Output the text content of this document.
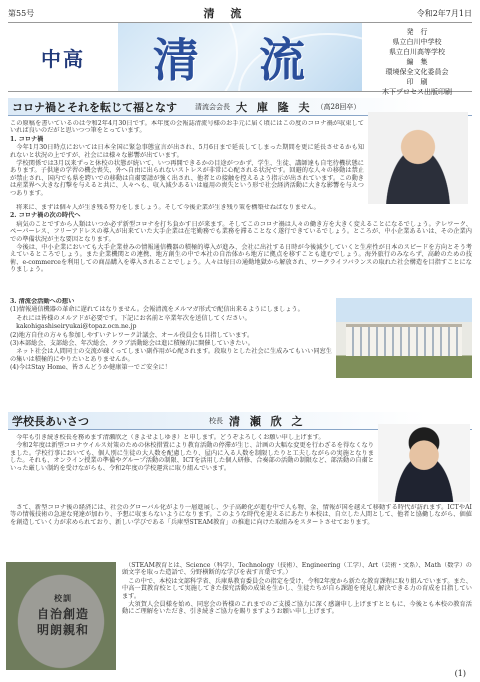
第55号	清 流	令和2年7月1日
中高 清 流
発　行
県立白川中学校
県立白川高等学校
編　集
環境保全文化委員会
印　刷
木下プロセス出版印刷
コロナ禍とそれを転じて福となす	清流会会長 大 庫 隆 夫 （高28回卒）

この原稿を書いているのは令和2年4月30日です。本年度の会報誌清流号様のお手元に届く頃にはこの度のコロナ禍が収束していれば良いのだがと思いつつ筆をとっています。

1. コロナ禍

　今年1月30日時点においては日本全国に緊急事態宣言が出され、5月6日まで延長してしまった期間を更に延長させるかも知れないと状況の上ですが、社会には様々な影響が出ています。

　学校関係では3月以来ずっと休校の状態が続いて、いつ再開できるかの目途がつかず、学生、生徒、講師達も自宅待機状態にあります。子供達の学習の機会喪失、外へ自由に出られないストレスが非常に心配される状況です。回避的な人々の移動は禁止が禁止され、国内でも県を跨いでの移動は自粛要請が強く出され、他者との接触を控えるよう指示が出されています。この動きは産業界へ大きな打撃を与えると共に、人々へも、収入減少あるいは雇用の喪失という形で社会経済活動に大きな影響を与えつつあります。

　将来に、まずは個々人が生き残る努力をしましょう。そして今後企業が生き残り策を構築せねばなりません。

2. コロナ禍の次の時代へ

　病気のことですから人類はいつか必ず新型コロナを打ち負かす日が来ます。そしてこのコロナ禍は人々の働き方を大きく変えることになるでしょう。テレワーク、ペーパーレス、フリーアドレスの導入が出来ていた大手企業は在宅勤務でも業務を滞ることなく遂行できているでしょう。ところが、中小企業あるいは、その企業内での準備状況が主な要因となります。

　今後は、中小企業においても大手企業並みの情報通信機器の積極的導入が進み、会社に出社する日時が今後減少していくと生産性が日本のスピードを方向とそう考えているところでしょう。また企業機関との連携、地方創生の中で本社の自治体から地方に拠点を移すことも進むでしょう。海外旅行のみならず、高齢のための技術、e-commerceを利用しての商品購入を導入されることでしょう。人々は毎日の通勤地獄から解放され、ワークライフバランスの取れた社会構造を目指すことになりましょう。

3. 清流会活動への想い

(1)情報通信機器の革命に遅れてはなりません。会報清流をメルマガ形式で配信出来るようにしましょう。

　それには皆様のメルアドが必要です。下記にお名前と卒業年次を送信してください。

　kakohigashiseiryukai@topaz.ocn.ne.jp

(2)地方自住の方々も参加しやすいテレワーク計議会、オール役員会も目指しています。

(3)本部総会、支部総会、年次総会、クラブ活動総会は進に積極的に開催していきたい。

　ネット社会は人間同士の交流が疎くってしまい副作用が心配されます。段取りとした社会に生成みてもいい同窓生の集いは積極的にやりたいとありませんか。

(4)今はStay Home、皆さんどうか健康第一でご安全に！

学校長あいさつ	校長 清 瀬 欣 之

　今年も引き続き校長を務めます清瀬欣之（きよせよしゆき）と申します。どうぞよろしくお願い申し上げます。

　令和2年度は新型コロナウイルス対策のための休校措置により教育活動の停滞が生じ、計画の大幅な変更を行わざるを得なくなりました。学校行事においても、個人別に生徒の大人数を配慮したり、屋内に入る人数を制限したりと工夫しながらの実施となりました。それも、オンライン授業の準備やグループ活動の制限、ICTを活用した個人研修、合奏部の活動の制限など、部活動の自粛といった厳しい制約を受けながらも、令和2年度の学校運営に取り組んでいます。

　さて、新型コロナ後の経済には、社会のグローバル化がより一層進展し、少子高齢化が進む中で人も物、金、情報が国を越えて移動する時代が訪れます。ICTやAI等の情報技術の急速な発達が加わり、予想に収まらないようになります。このような時代を迎えるにあたり本校は、自立した人間として、他者と協働しながら、価値を創造していく力が求められており、新しい学びである「兵庫型STEAM教育」の推進に向けた取組みをスタートさせております。

校訓
自治創造
明朗親和

　（STEAM教育とは、Science（科学）、Technology（技術）、Engineering（工学）、Art（芸術・文系）、Math（数学）の頭文字を取った造語で、分野横断的な学びを表す言葉です。）

　この中で、本校は文部科学省、兵庫県教育委員会の指定を受け、令和2年度から新たな教育課程に取り組んでいます。また、中高一貫教育校として実施してきた探究活動の成果を生かし、生徒たちが自ら課題を発見し解決できる力の育成を目指しています。

　大須賀人会員様を始め、同窓会の皆様のこれまでのご支援ご協力に深く感謝申し上げますとともに、今後とも本校の教育活動にご理解をいただき、引き続きご協力を賜りますようお願い申し上げます。

(1)
